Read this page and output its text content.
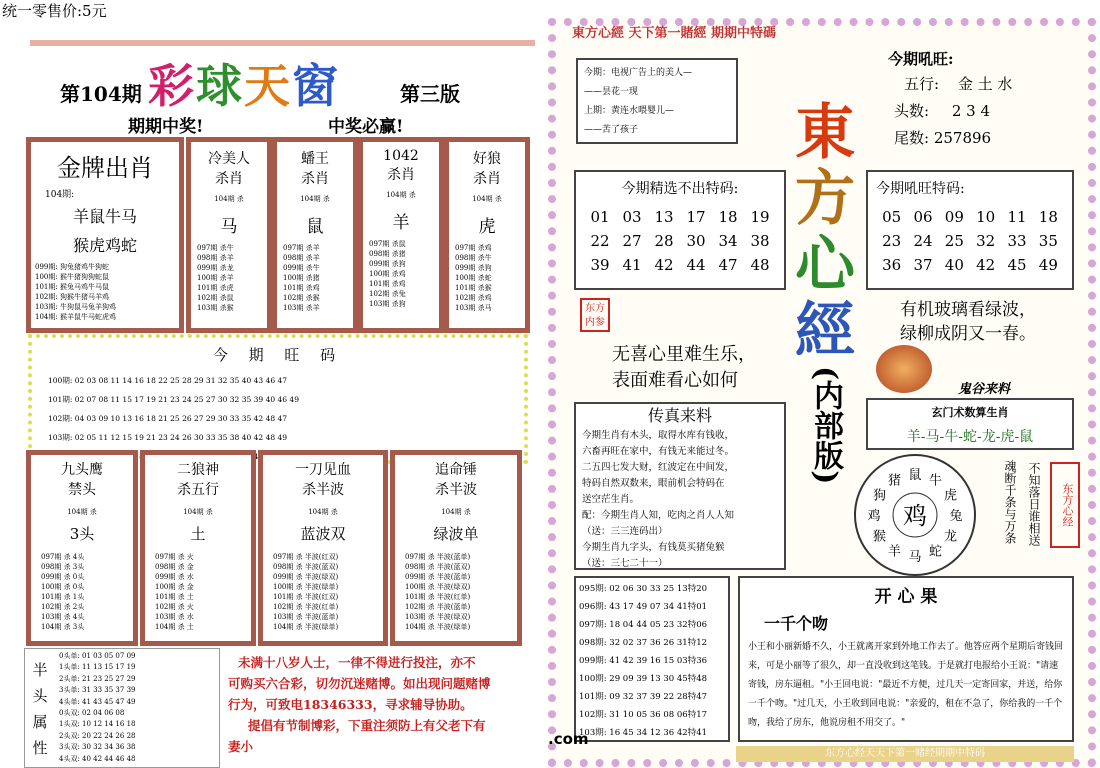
统一零售价:5元
第104期 彩球天窗	第三版
期期中奖!	中奖必赢!
金牌出肖
104期:
羊鼠牛马
猴虎鸡蛇
099期: 狗兔猪鸡牛狗蛇
100期: 猴牛猪狗狗蛇鼠
101期: 猴兔马鸡牛马鼠
102期: 狗猴牛猪马羊鸡
103期: 牛狗鼠马兔羊狗鸡
104期: 猴羊鼠牛马蛇虎鸡
冷美人
杀肖
104期 杀
马
097期 杀牛
098期 杀羊
099期 杀龙
100期 杀羊
101期 杀虎
102期 杀鼠
103期 杀猴
蟠王
杀肖
104期 杀
鼠
097期 杀羊
098期 杀羊
099期 杀牛
100期 杀猪
101期 杀鸡
102期 杀猴
103期 杀羊
1042
杀肖
104期 杀
羊
097期 杀鼠
098期 杀猪
099期 杀狗
100期 杀鸡
101期 杀鸡
102期 杀兔
103期 杀狗
好狼
杀肖
104期 杀
虎
097期 杀鸡
098期 杀牛
099期 杀狗
100期 杀蛇
101期 杀猴
102期 杀鸡
103期 杀马
今 期 旺 码
100期: 02 03 08 11 14 16 18 22 25 28 29 31 32 35 40 43 46 47
101期: 02 07 08 11 15 17 19 21 23 24 25 27 30 32 35 39 40 46 49
102期: 04 03 09 10 13 16 18 21 25 26 27 29 30 33 35 42 48 47
103期: 02 05 11 12 15 19 21 23 24 26 30 33 35 38 40 42 48 49
九头鹰
禁头
104期 杀
3头
097期 杀 4头
098期 杀 3头
099期 杀 0头
100期 杀 0头
101期 杀 1头
102期 杀 2头
103期 杀 4头
104期 杀 3头
二狼神
杀五行
104期 杀
土
097期 杀 火
098期 杀 金
099期 杀 水
100期 杀 金
101期 杀 土
102期 杀 火
103期 杀 水
104期 杀 土
一刀见血
杀半波
104期 杀
蓝波双
097期 杀 半波(红双)
098期 杀 半波(蓝双)
099期 杀 半波(绿双)
100期 杀 半波(绿单)
101期 杀 半波(红双)
102期 杀 半波(红单)
103期 杀 半波(蓝单)
104期 杀 半波(绿单)
追命锤
杀半波
104期 杀
绿波单
097期 杀 半波(蓝单)
098期 杀 半波(蓝双)
099期 杀 半波(蓝单)
100期 杀 半波(绿双)
101期 杀 半波(红单)
102期 杀 半波(蓝单)
103期 杀 半波(绿双)
104期 杀 半波(绿单)
半头属性
0头单: 01 03 05 07 09
1头单: 11 13 15 17 19
2头单: 21 23 25 27 29
3头单: 31 33 35 37 39
4头单: 41 43 45 47 49
0头双: 02 04 06 08
1头双: 10 12 14 16 18
2头双: 20 22 24 26 28
3头双: 30 32 34 36 38
4头双: 40 42 44 46 48
未满十八岁人士，一律不得进行投注，亦不
可购买六合彩，切勿沉迷赌博。如出现问题赌博
行为，可致电18346333，寻求辅导协助。
提倡有节制博彩，下重注须防上有父老下有
妻小
東方心經 天下第一賭經 期期中特碼
今期：电视广告上的美人—
——昙花一现
上期：黄连水喂婴儿—
——苦了孩子	東
方
心
經
(内部版)
今期吼旺:
五行: 金 土 水
头数: 2 3 4
尾数: 257896
今期精选不出特码:
01 03 13 17 18 19
22 27 28 30 34 38
39 41 42 44 47 48
今期吼旺特码:
05 06 09 10 11 18
23 24 25 32 33 35
36 37 40 42 45 49
有机玻璃看绿波，
绿柳成阴又一春。
东方内参
无喜心里难生乐，
表面难看心如何	鬼谷来料
玄门术数算生肖
羊-马-牛-蛇-龙-虎-鼠
传真来料
今期生肖有木头，取得水库有钱收，
六畜再旺在家中，有钱无来能过冬。
二五四七发大财，红波定在中间发，
特码自然双数来，眼前机会特码在
送空茫生肖。
配：今期生肖人知，吃肉之肖人人知
（送：三三连码出）
今期生肖九字头，有钱莫买猪兔猴
（送：三七二十一）
鸡
鼠 牛
虎
兔
龙
蛇
马
羊
猴
鸡
狗
猪	魂断千条与万条 不知落日谁相送	东方心经
095期: 02 06 30 33 25 13特20
096期: 43 17 49 07 34 41特01
097期: 18 04 44 05 23 32特06
098期: 32 02 37 36 26 31特12
099期: 41 42 39 16 15 03特36
100期: 29 09 39 13 30 45特48
101期: 09 32 37 39 22 28特47
102期: 31 10 05 36 08 06特17
103期: 16 45 34 12 36 42特41
开 心 果
一千个吻
小王和小丽新婚不久，小王就离开家到外地工作去了。他答应两个星期后寄钱回来，可是小丽等了很久，却一直没收到这笔钱。于是就打电报给小王说："请速寄钱，房东逼租。"小王回电说："最近不方便，过几天一定寄回家，并送，给你一千个吻。"过几天，小王收到回电说："亲爱的，租在不急了，你给我的一千个吻，我给了房东，他说房租不用交了。"
东方心经天天下第一赌经期期中特码
.com
